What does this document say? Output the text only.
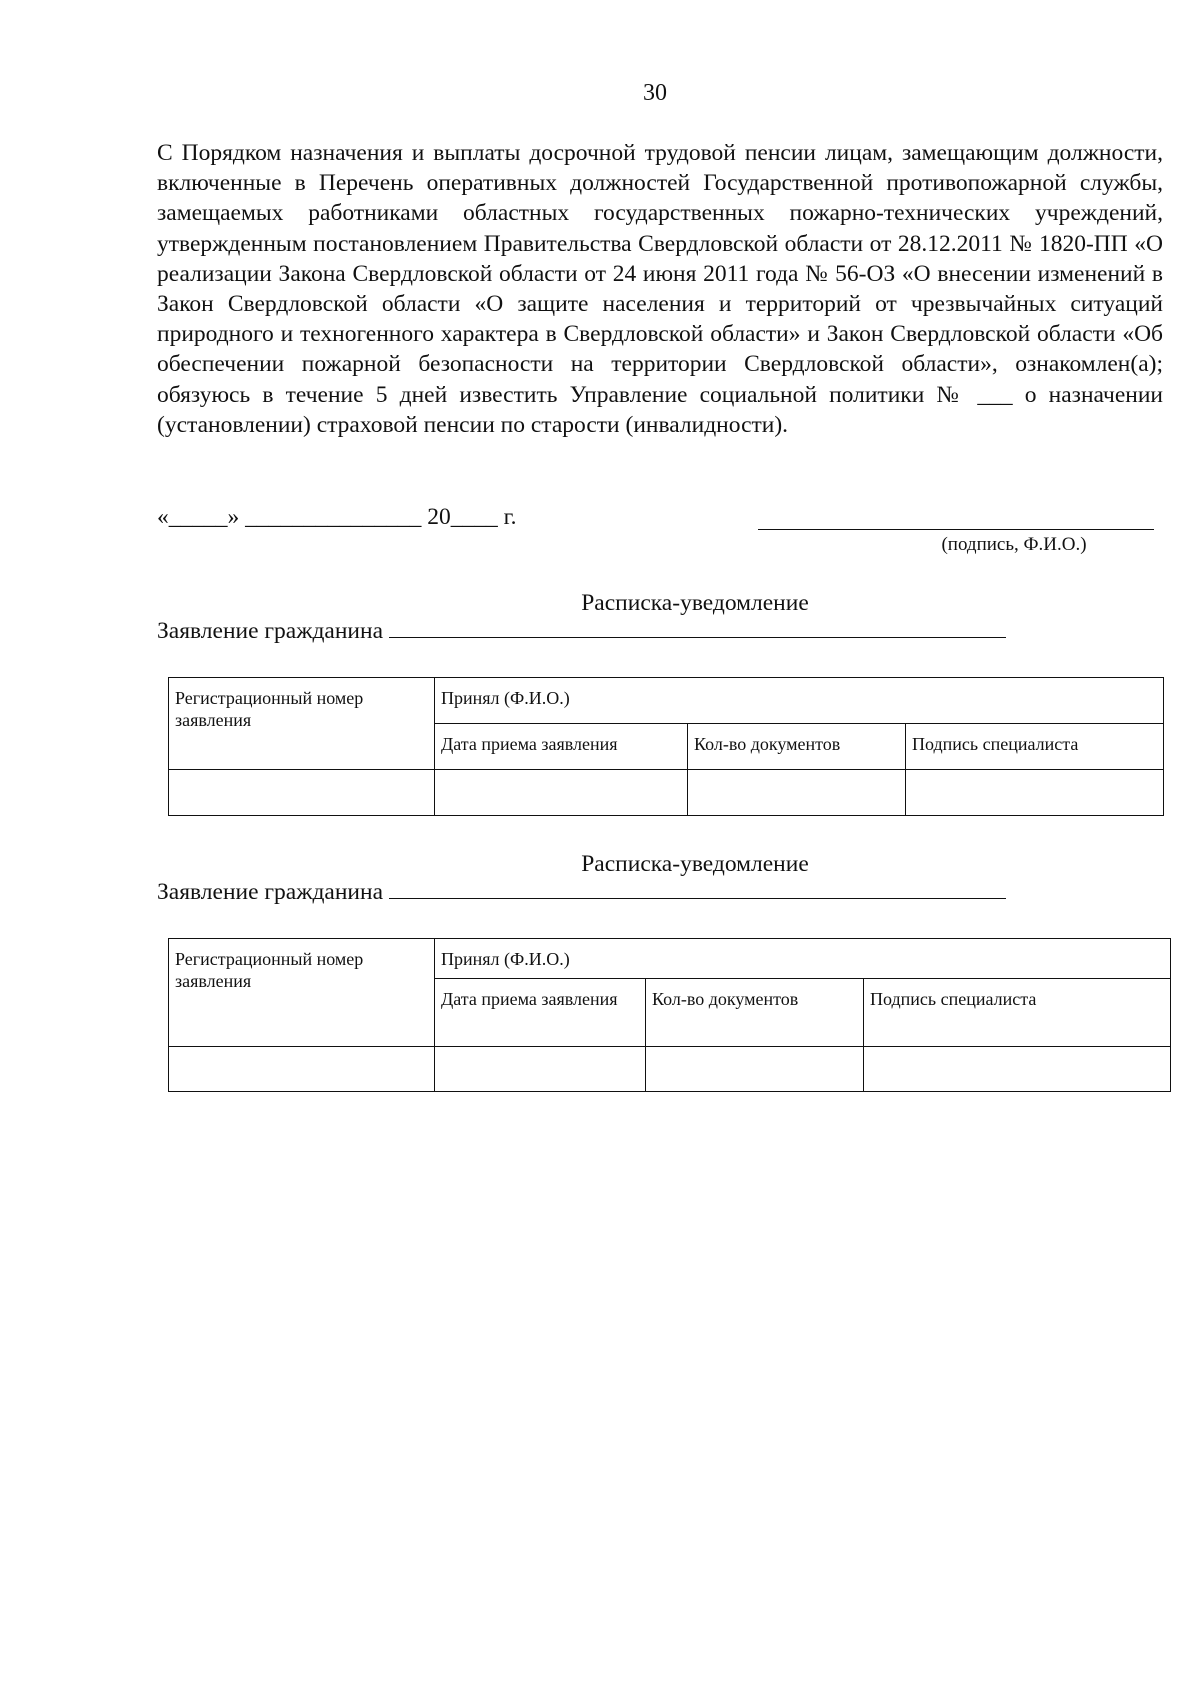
30

С Порядком назначения и выплаты досрочной трудовой пенсии лицам, замещающим должности, включенные в Перечень оперативных должностей Государственной противопожарной службы, замещаемых работниками областных государственных пожарно-технических учреждений, утвержденным постановлением Правительства Свердловской области от 28.12.2011 № 1820-ПП «О реализации Закона Свердловской области от 24 июня 2011 года № 56-ОЗ «О внесении изменений в Закон Свердловской области «О защите населения и территорий от чрезвычайных ситуаций природного и техногенного характера в Свердловской области» и Закон Свердловской области «Об обеспечении пожарной безопасности на территории Свердловской области», ознакомлен(а); обязуюсь в течение 5 дней известить Управление социальной политики № ___ о назначении (установлении) страховой пенсии по старости (инвалидности).

«_____» _______________ 20____ г.
(подпись, Ф.И.О.)
Расписка-уведомление
Заявление гражданина
Регистрационный номер заявления	Принял (Ф.И.О.)		
	Дата приема заявления	Кол-во документов	Подпись специалиста

Расписка-уведомление
Заявление гражданина
Регистрационный номер заявления	Принял (Ф.И.О.)		
	Дата приема заявления	Кол-во документов	Подпись специалиста
